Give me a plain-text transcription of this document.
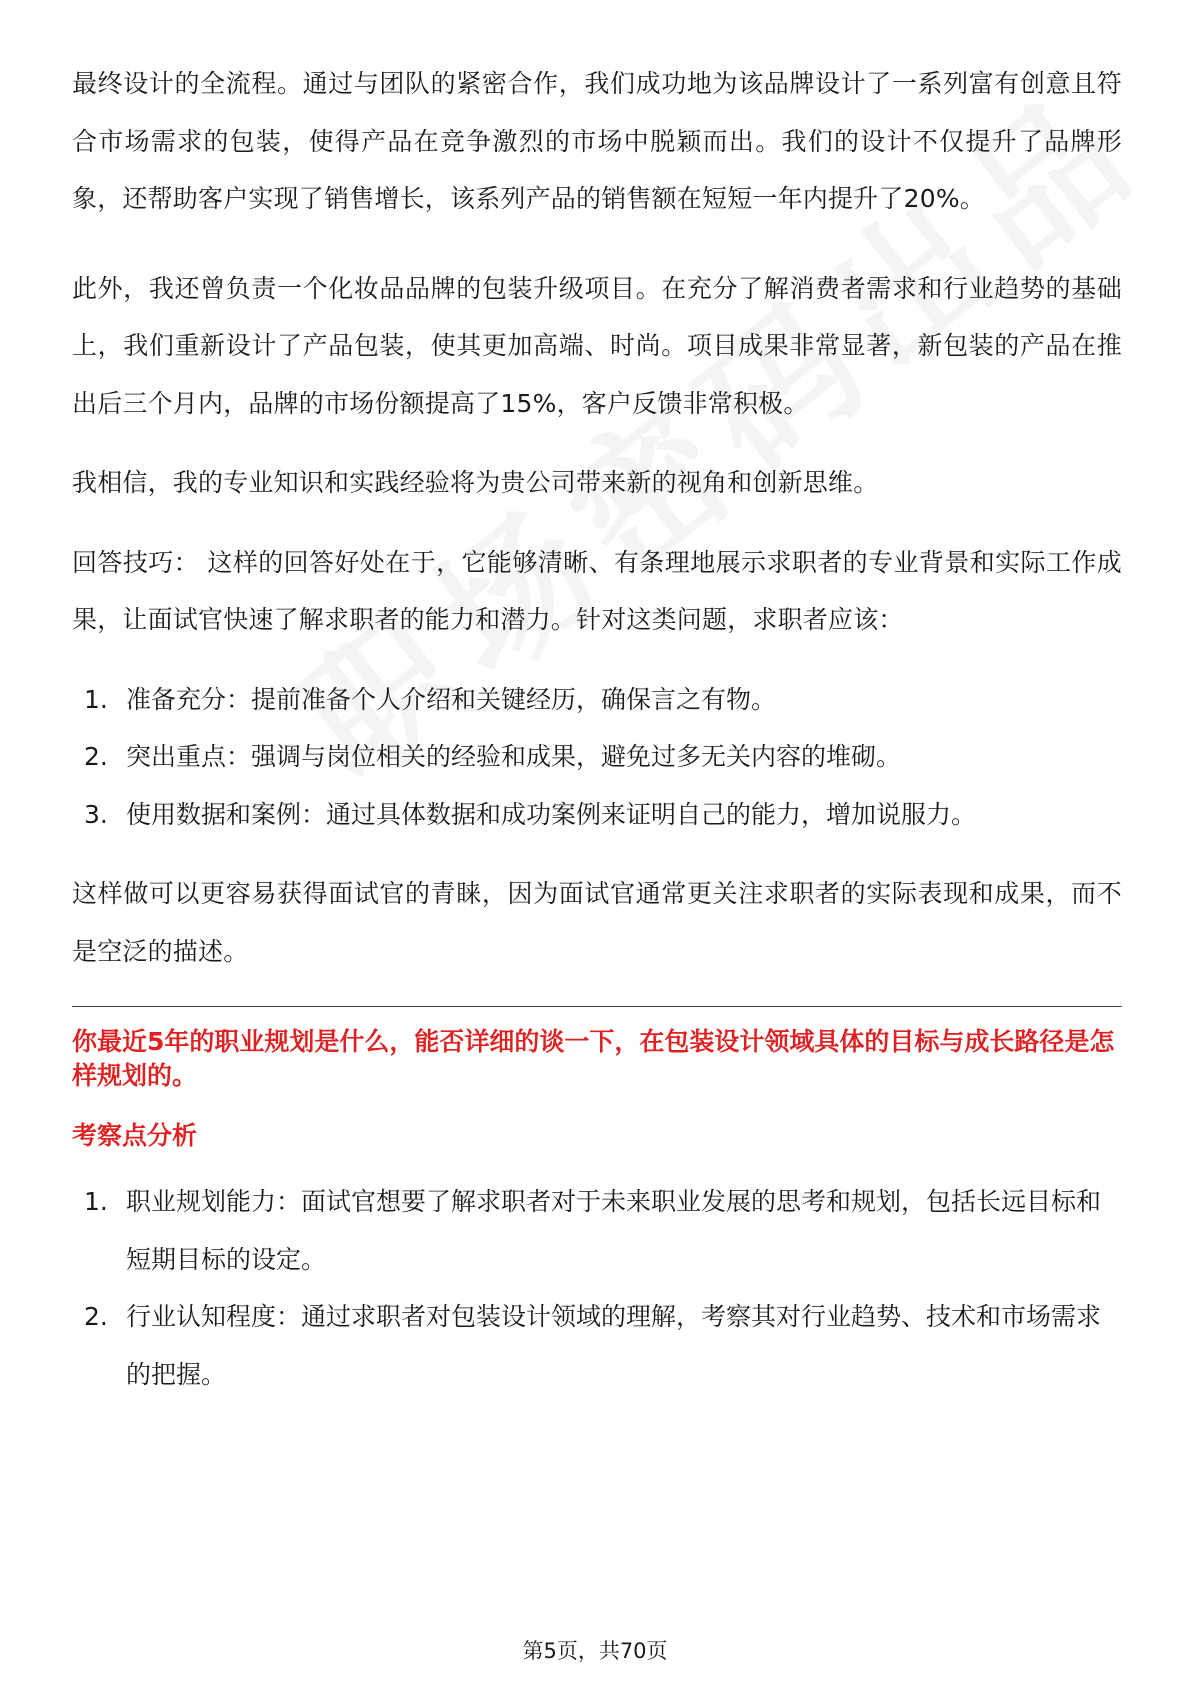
最终设计的全流程。通过与团队的紧密合作，我们成功地为该品牌设计了一系列富有创意且符合市场需求的包装，使得产品在竞争激烈的市场中脱颖而出。我们的设计不仅提升了品牌形象，还帮助客户实现了销售增长，该系列产品的销售额在短短一年内提升了20%。

此外，我还曾负责一个化妆品品牌的包装升级项目。在充分了解消费者需求和行业趋势的基础上，我们重新设计了产品包装，使其更加高端、时尚。项目成果非常显著，新包装的产品在推出后三个月内，品牌的市场份额提高了15%，客户反馈非常积极。

我相信，我的专业知识和实践经验将为贵公司带来新的视角和创新思维。

回答技巧： 这样的回答好处在于，它能够清晰、有条理地展示求职者的专业背景和实际工作成果，让面试官快速了解求职者的能力和潜力。针对这类问题，求职者应该：

1. 准备充分：提前准备个人介绍和关键经历，确保言之有物。
2. 突出重点：强调与岗位相关的经验和成果，避免过多无关内容的堆砌。
3. 使用数据和案例：通过具体数据和成功案例来证明自己的能力，增加说服力。

这样做可以更容易获得面试官的青睐，因为面试官通常更关注求职者的实际表现和成果，而不是空泛的描述。

你最近5年的职业规划是什么，能否详细的谈一下，在包装设计领域具体的目标与成长路径是怎样规划的。
考察点分析
1. 职业规划能力：面试官想要了解求职者对于未来职业发展的思考和规划，包括长远目标和短期目标的设定。
2. 行业认知程度：通过求职者对包装设计领域的理解，考察其对行业趋势、技术和市场需求的把握。
第5页，共70页
